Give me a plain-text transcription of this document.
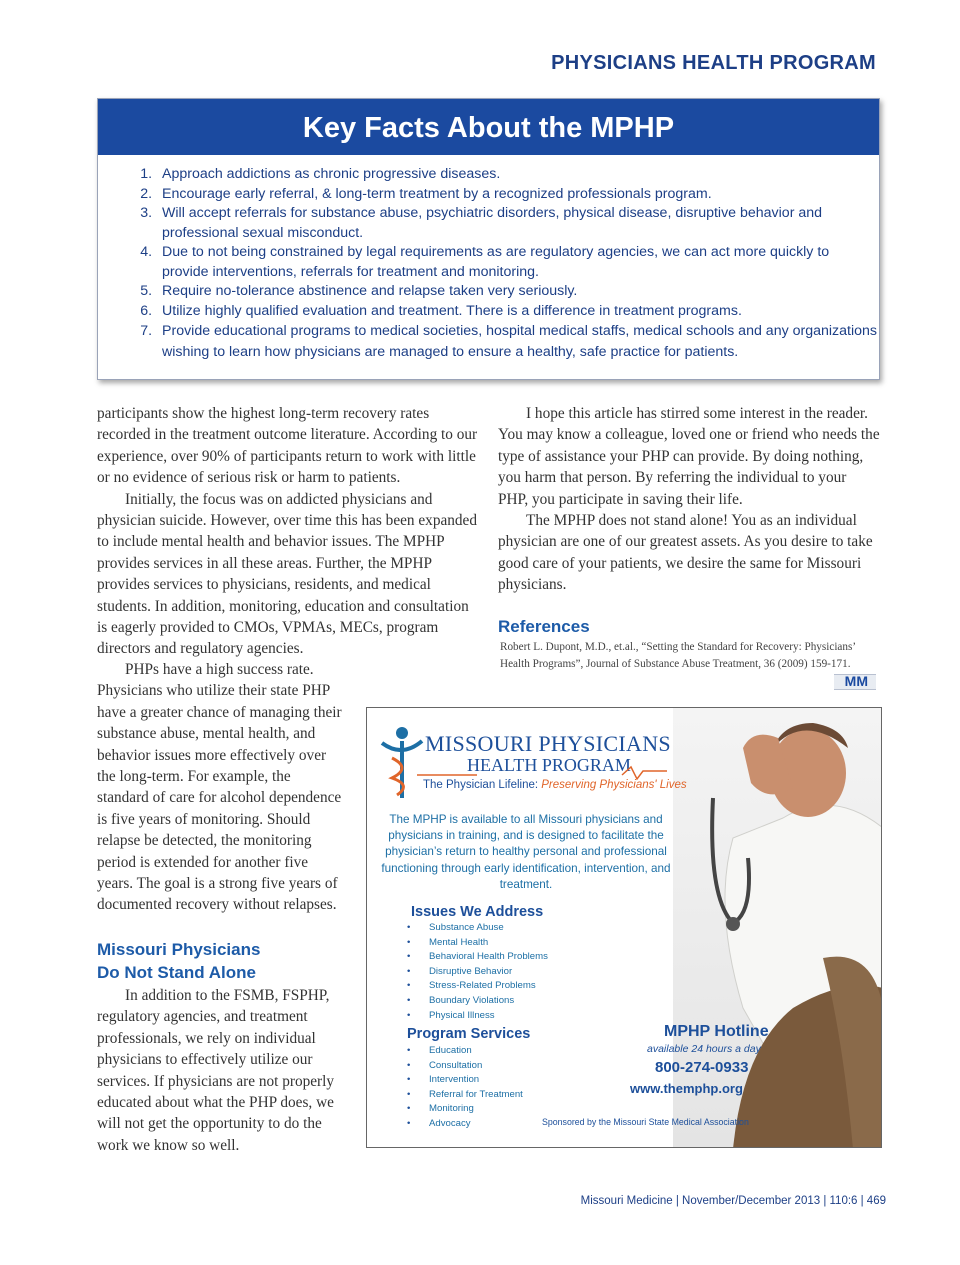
PHYSICIANS HEALTH PROGRAM
Key Facts About the MPHP
1. Approach addictions as chronic progressive diseases.
2. Encourage early referral, & long-term treatment by a recognized professionals program.
3. Will accept referrals for substance abuse, psychiatric disorders, physical disease, disruptive behavior and professional sexual misconduct.
4. Due to not being constrained by legal requirements as are regulatory agencies, we can act more quickly to provide interventions, referrals for treatment and monitoring.
5. Require no-tolerance abstinence and relapse taken very seriously.
6. Utilize highly qualified evaluation and treatment. There is a difference in treatment programs.
7. Provide educational programs to medical societies, hospital medical staffs, medical schools and any organizations wishing to learn how physicians are managed to ensure a healthy, safe practice for patients.

participants show the highest long-term recovery rates recorded in the treatment outcome literature. According to our experience, over 90% of participants return to work with little or no evidence of serious risk or harm to patients.

Initially, the focus was on addicted physicians and physician suicide. However, over time this has been expanded to include mental health and behavior issues. The MPHP provides services in all these areas. Further, the MPHP provides services to physicians, residents, and medical students. In addition, monitoring, education and consultation is eagerly provided to CMOs, VPMAs, MECs, program directors and regulatory agencies.

PHPs have a high success rate. Physicians who utilize their state PHP have a greater chance of managing their substance abuse, mental health, and behavior issues more effectively over the long-term. For example, the standard of care for alcohol dependence is five years of monitoring. Should relapse be detected, the monitoring period is extended for another five years. The goal is a strong five years of documented recovery without relapses.

Missouri Physicians
Do Not Stand Alone

In addition to the FSMB, FSPHP, regulatory agencies, and treatment professionals, we rely on individual physicians to effectively utilize our services. If physicians are not properly educated about what the PHP does, we will not get the opportunity to do the work we know so well.

I hope this article has stirred some interest in the reader. You may know a colleague, loved one or friend who needs the type of assistance your PHP can provide. By doing nothing, you harm that person. By referring the individual to your PHP, you participate in saving their life.

The MPHP does not stand alone! You as an individual physician are one of our greatest assets. As you desire to take good care of your patients, we desire the same for Missouri physicians.

References
Robert L. Dupont, M.D., et.al., “Setting the Standard for Recovery: Physicians’ Health Programs”, Journal of Substance Abuse Treatment, 36 (2009) 159-171.
MM
MISSOURI PHYSICIANS
HEALTH PROGRAM
The Physician Lifeline: Preserving Physicians' Lives
The MPHP is available to all Missouri physicians and physicians in training, and is designed to facilitate the physician’s return to healthy personal and professional functioning through early identification, intervention, and treatment.
Issues We Address
• Substance Abuse
• Mental Health
• Behavioral Health Problems
• Disruptive Behavior
• Stress-Related Problems
• Boundary Violations
• Physical Illness
Program Services
• Education
• Consultation
• Intervention
• Referral for Treatment
• Monitoring
• Advocacy
MPHP Hotline
available 24 hours a day
800-274-0933
www.themphp.org
Sponsored by the Missouri State Medical Association
Missouri Medicine | November/December 2013 | 110:6 | 469
